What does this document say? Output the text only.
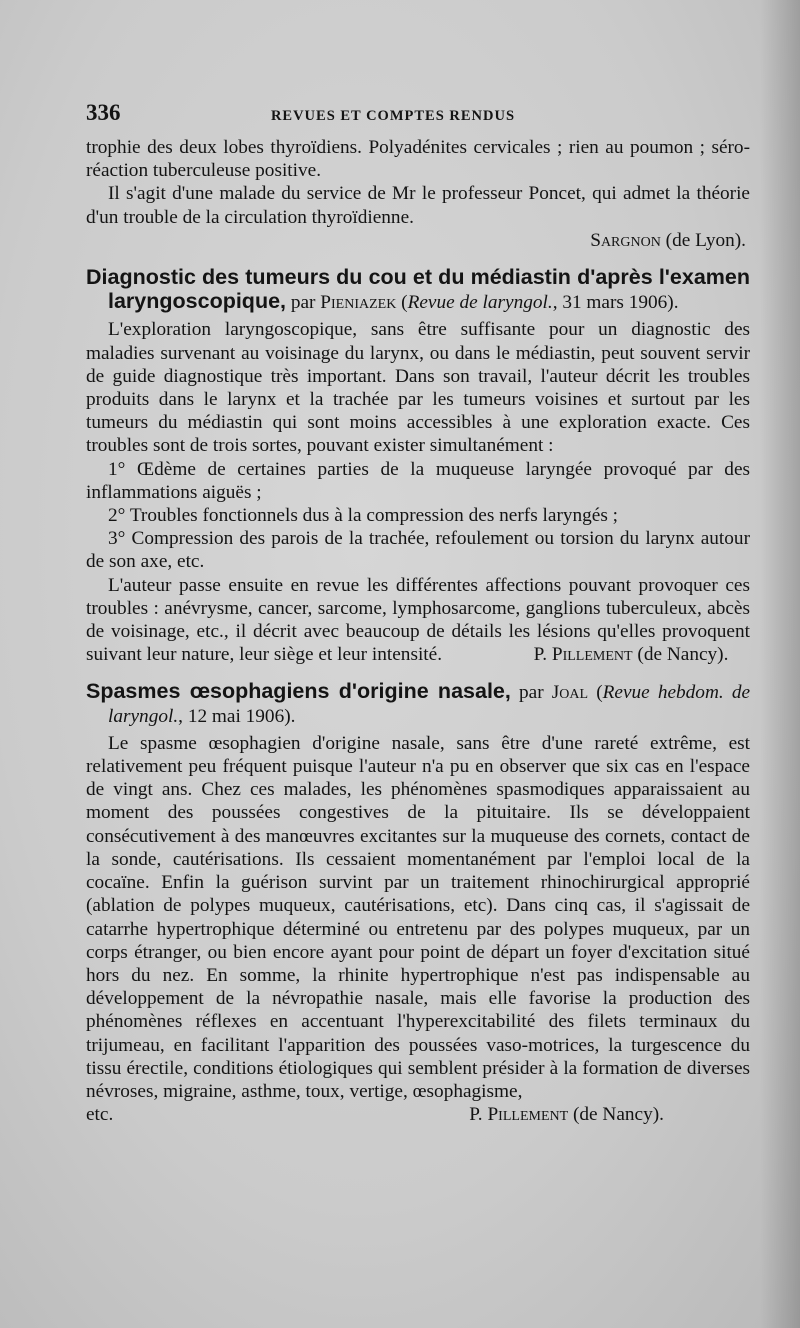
336	REVUES ET COMPTES RENDUS

trophie des deux lobes thyroïdiens. Polyadénites cervicales ; rien au poumon ; séro-réaction tuberculeuse positive.

Il s'agit d'une malade du service de Mr le professeur Poncet, qui admet la théorie d'un trouble de la circulation thyroïdienne.

Sargnon (de Lyon).

Diagnostic des tumeurs du cou et du médiastin d'après l'examen laryngoscopique, par Pieniazek (Revue de laryngol., 31 mars 1906).

L'exploration laryngoscopique, sans être suffisante pour un diagnostic des maladies survenant au voisinage du larynx, ou dans le médiastin, peut souvent servir de guide diagnostique très important. Dans son travail, l'auteur décrit les troubles produits dans le larynx et la trachée par les tumeurs voisines et surtout par les tumeurs du médiastin qui sont moins accessibles à une exploration exacte. Ces troubles sont de trois sortes, pouvant exister simultanément :

1° Œdème de certaines parties de la muqueuse laryngée provoqué par des inflammations aiguës ;

2° Troubles fonctionnels dus à la compression des nerfs laryngés ;

3° Compression des parois de la trachée, refoulement ou torsion du larynx autour de son axe, etc.

L'auteur passe ensuite en revue les différentes affections pouvant provoquer ces troubles : anévrysme, cancer, sarcome, lymphosarcome, ganglions tuberculeux, abcès de voisinage, etc., il décrit avec beaucoup de détails les lésions qu'elles provoquent suivant leur nature, leur siège et leur intensité.	P. Pillement (de Nancy).

Spasmes œsophagiens d'origine nasale, par Joal (Revue hebdom. de laryngol., 12 mai 1906).

Le spasme œsophagien d'origine nasale, sans être d'une rareté extrême, est relativement peu fréquent puisque l'auteur n'a pu en observer que six cas en l'espace de vingt ans. Chez ces malades, les phénomènes spasmodiques apparaissaient au moment des poussées congestives de la pituitaire. Ils se développaient consécutivement à des manœuvres excitantes sur la muqueuse des cornets, contact de la sonde, cautérisations. Ils cessaient momentanément par l'emploi local de la cocaïne. Enfin la guérison survint par un traitement rhinochirurgical approprié (ablation de polypes muqueux, cautérisations, etc). Dans cinq cas, il s'agissait de catarrhe hypertrophique déterminé ou entretenu par des polypes muqueux, par un corps étranger, ou bien encore ayant pour point de départ un foyer d'excitation situé hors du nez. En somme, la rhinite hypertrophique n'est pas indispensable au développement de la névropathie nasale, mais elle favorise la production des phénomènes réflexes en accentuant l'hyperexcitabilité des filets terminaux du trijumeau, en facilitant l'apparition des poussées vaso-motrices, la turgescence du tissu érectile, conditions étiologiques qui semblent présider à la formation de diverses névroses, migraine, asthme, toux, vertige, œsophagisme,

etc.	P. Pillement (de Nancy).
